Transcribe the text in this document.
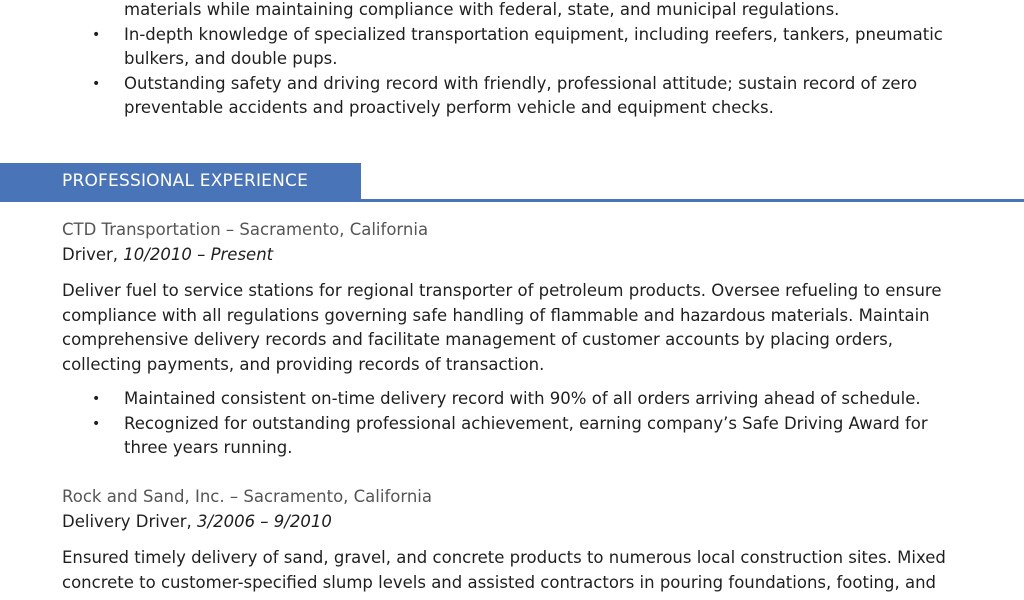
materials while maintaining compliance with federal, state, and municipal regulations.
• In-depth knowledge of specialized transportation equipment, including reefers, tankers, pneumatic bulkers, and double pups.
• Outstanding safety and driving record with friendly, professional attitude; sustain record of zero preventable accidents and proactively perform vehicle and equipment checks.
PROFESSIONAL EXPERIENCE
CTD Transportation – Sacramento, California
Driver, 10/2010 – Present

Deliver fuel to service stations for regional transporter of petroleum products. Oversee refueling to ensure compliance with all regulations governing safe handling of flammable and hazardous materials. Maintain comprehensive delivery records and facilitate management of customer accounts by placing orders, collecting payments, and providing records of transaction.

• Maintained consistent on-time delivery record with 90% of all orders arriving ahead of schedule.
• Recognized for outstanding professional achievement, earning company’s Safe Driving Award for three years running.
Rock and Sand, Inc. – Sacramento, California
Delivery Driver, 3/2006 – 9/2010

Ensured timely delivery of sand, gravel, and concrete products to numerous local construction sites. Mixed concrete to customer-specified slump levels and assisted contractors in pouring foundations, footing, and
